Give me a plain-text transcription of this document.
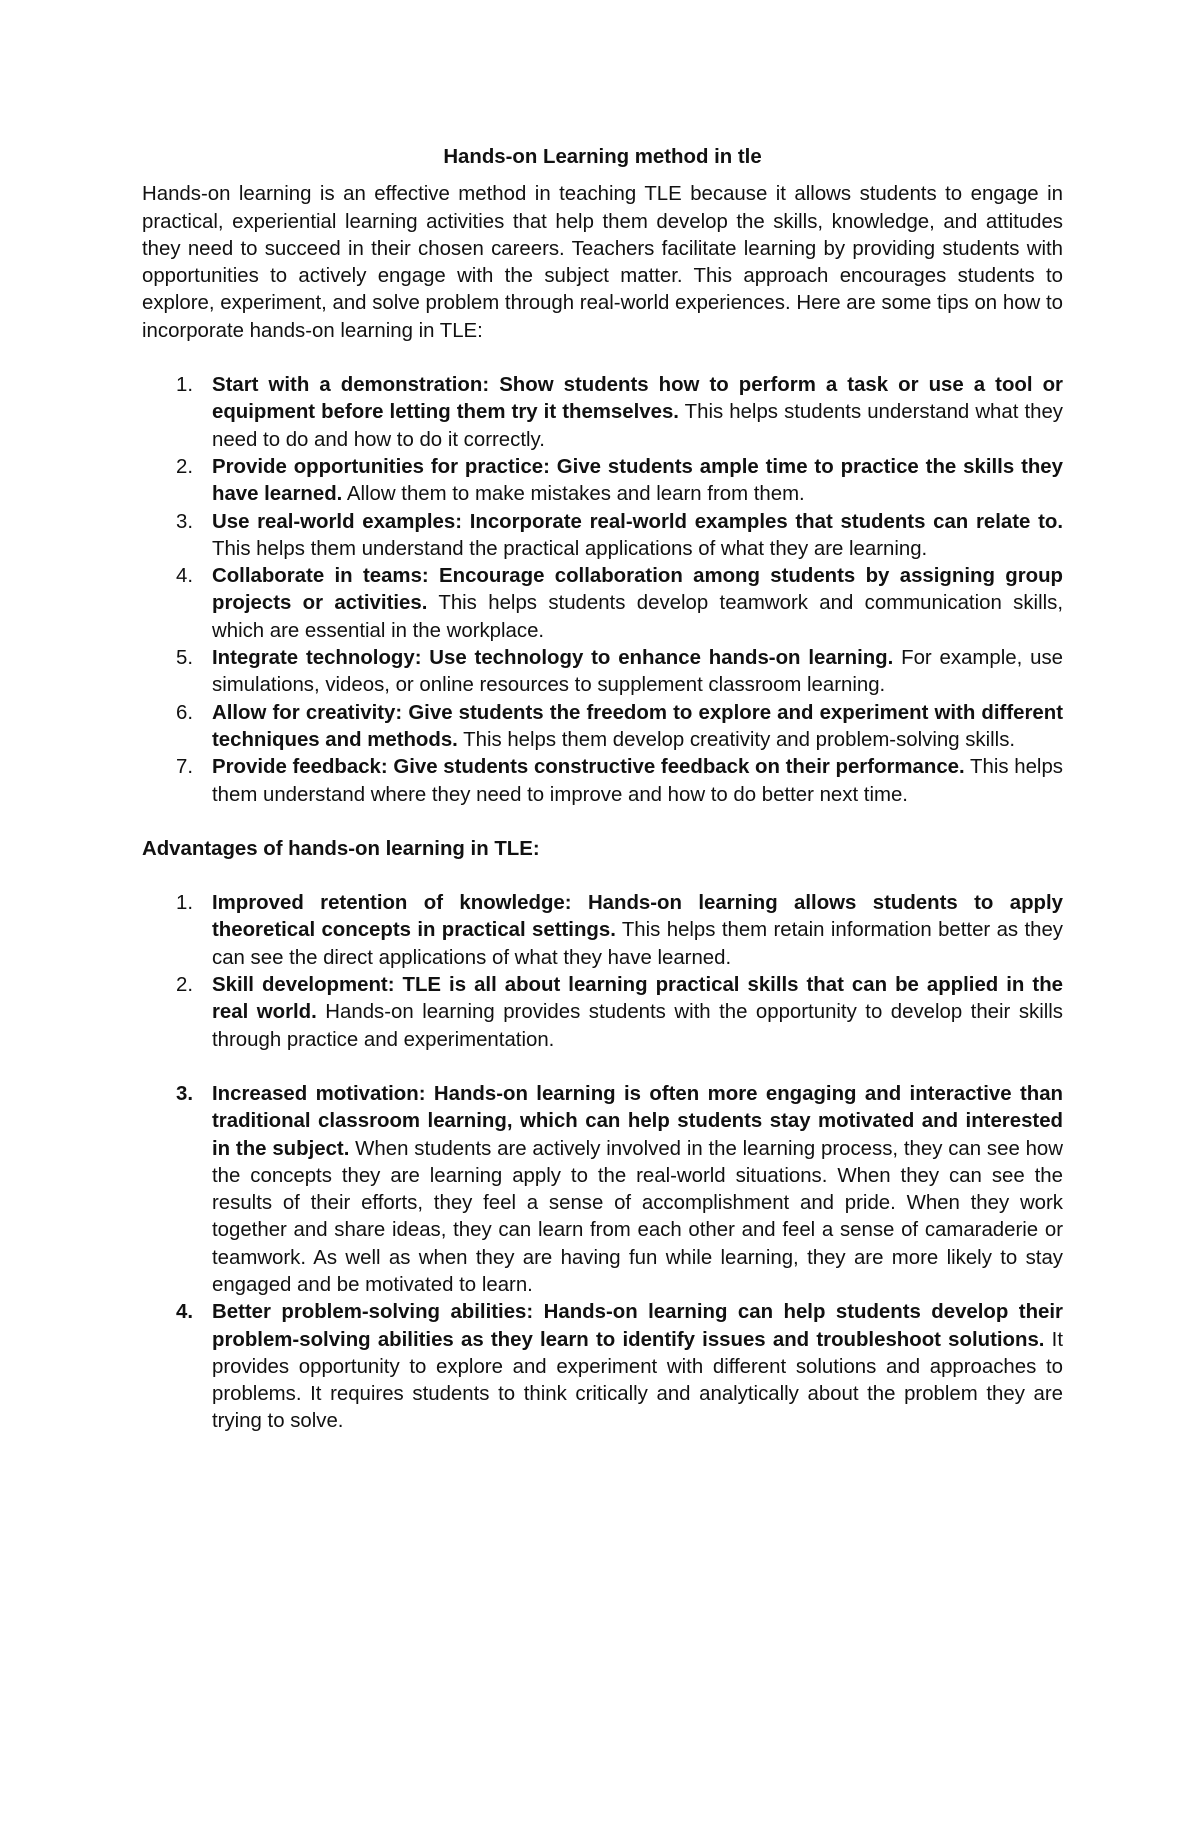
Hands-on Learning method in tle

Hands-on learning is an effective method in teaching TLE because it allows students to engage in practical, experiential learning activities that help them develop the skills, knowledge, and attitudes they need to succeed in their chosen careers. Teachers facilitate learning by providing students with opportunities to actively engage with the subject matter. This approach encourages students to explore, experiment, and solve problem through real-world experiences. Here are some tips on how to incorporate hands-on learning in TLE:

1. Start with a demonstration: Show students how to perform a task or use a tool or equipment before letting them try it themselves. This helps students understand what they need to do and how to do it correctly.
2. Provide opportunities for practice: Give students ample time to practice the skills they have learned. Allow them to make mistakes and learn from them.
3. Use real-world examples: Incorporate real-world examples that students can relate to. This helps them understand the practical applications of what they are learning.
4. Collaborate in teams: Encourage collaboration among students by assigning group projects or activities. This helps students develop teamwork and communication skills, which are essential in the workplace.
5. Integrate technology: Use technology to enhance hands-on learning. For example, use simulations, videos, or online resources to supplement classroom learning.
6. Allow for creativity: Give students the freedom to explore and experiment with different techniques and methods. This helps them develop creativity and problem-solving skills.
7. Provide feedback: Give students constructive feedback on their performance. This helps them understand where they need to improve and how to do better next time.
Advantages of hands-on learning in TLE:
1. Improved retention of knowledge: Hands-on learning allows students to apply theoretical concepts in practical settings. This helps them retain information better as they can see the direct applications of what they have learned.
2. Skill development: TLE is all about learning practical skills that can be applied in the real world. Hands-on learning provides students with the opportunity to develop their skills through practice and experimentation.
3. Increased motivation: Hands-on learning is often more engaging and interactive than traditional classroom learning, which can help students stay motivated and interested in the subject. When students are actively involved in the learning process, they can see how the concepts they are learning apply to the real-world situations. When they can see the results of their efforts, they feel a sense of accomplishment and pride. When they work together and share ideas, they can learn from each other and feel a sense of camaraderie or teamwork. As well as when they are having fun while learning, they are more likely to stay engaged and be motivated to learn.
4. Better problem-solving abilities: Hands-on learning can help students develop their problem-solving abilities as they learn to identify issues and troubleshoot solutions. It provides opportunity to explore and experiment with different solutions and approaches to problems. It requires students to think critically and analytically about the problem they are trying to solve.
